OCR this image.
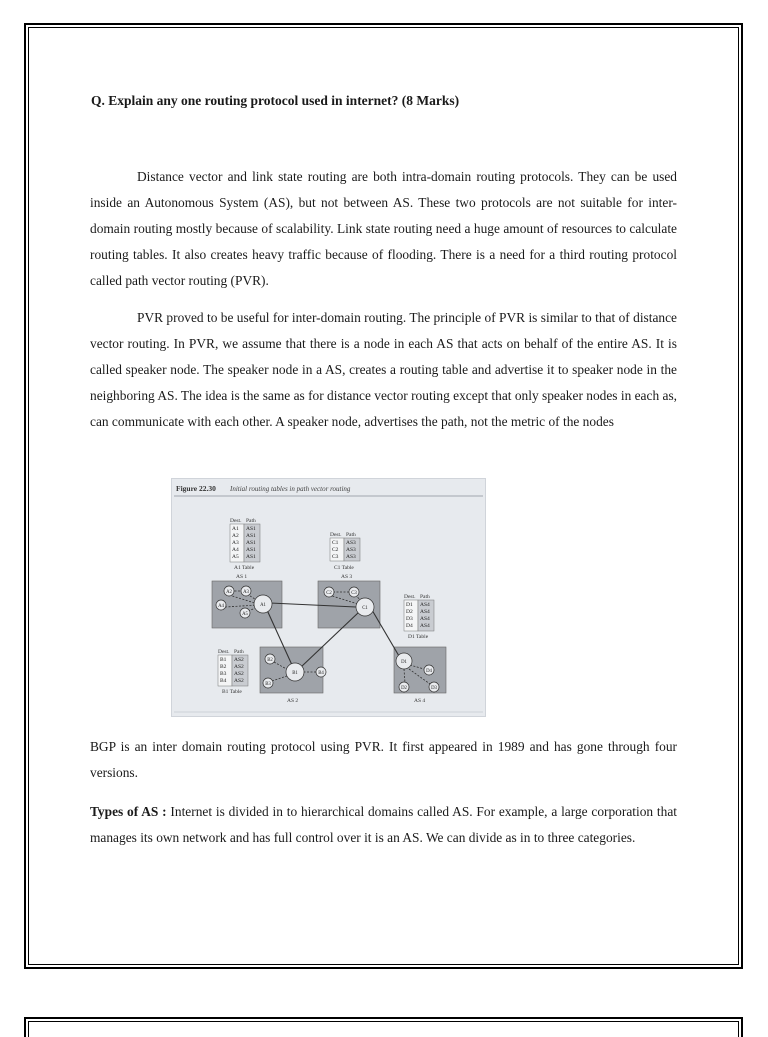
Q. Explain any one routing protocol used in internet? (8 Marks)

Distance vector and link state routing are both intra-domain routing protocols. They can be used inside an Autonomous System (AS), but not between AS. These two protocols are not suitable for inter-domain routing mostly because of scalability. Link state routing need a huge amount of resources to calculate routing tables. It also creates heavy traffic because of flooding. There is a need for a third routing protocol called path vector routing (PVR).

PVR proved to be useful for inter-domain routing. The principle of PVR is similar to that of distance vector routing. In PVR, we assume that there is a node in each AS that acts on behalf of the entire AS. It is called speaker node. The speaker node in a AS, creates a routing table and advertise it to speaker node in the neighboring AS. The idea is the same as for distance vector routing except that only speaker nodes in each as, can communicate with each other. A speaker node, advertises the path, not the metric of the nodes

Figure 22.30 Initial routing tables in path vector routing
Dest. Path
A1 AS1
A2 AS1
A3 AS1
A4 AS1
A5 AS1
A1 Table
Dest. Path
C1 AS3
C2 AS3
C3 AS3
C1 Table
AS 1	AS 3
AS 2	AS 4
Dest. Path
D1 AS4
D2 AS4
D3 AS4
D4 AS4
D1 Table
Dest. Path
B1 AS2
B2 AS2
B3 AS2
B4 AS2
B1 Table
A2 A3
A4
A5
A1
C2	C3
C1
B2
B3
B4
B1
D1
D4
D2	D3

BGP is an inter domain routing protocol using PVR. It first appeared in 1989 and has gone through four versions.

Types of AS : Internet is divided in to hierarchical domains called AS. For example, a large corporation that manages its own network and has full control over it is an AS. We can divide as in to three categories.
